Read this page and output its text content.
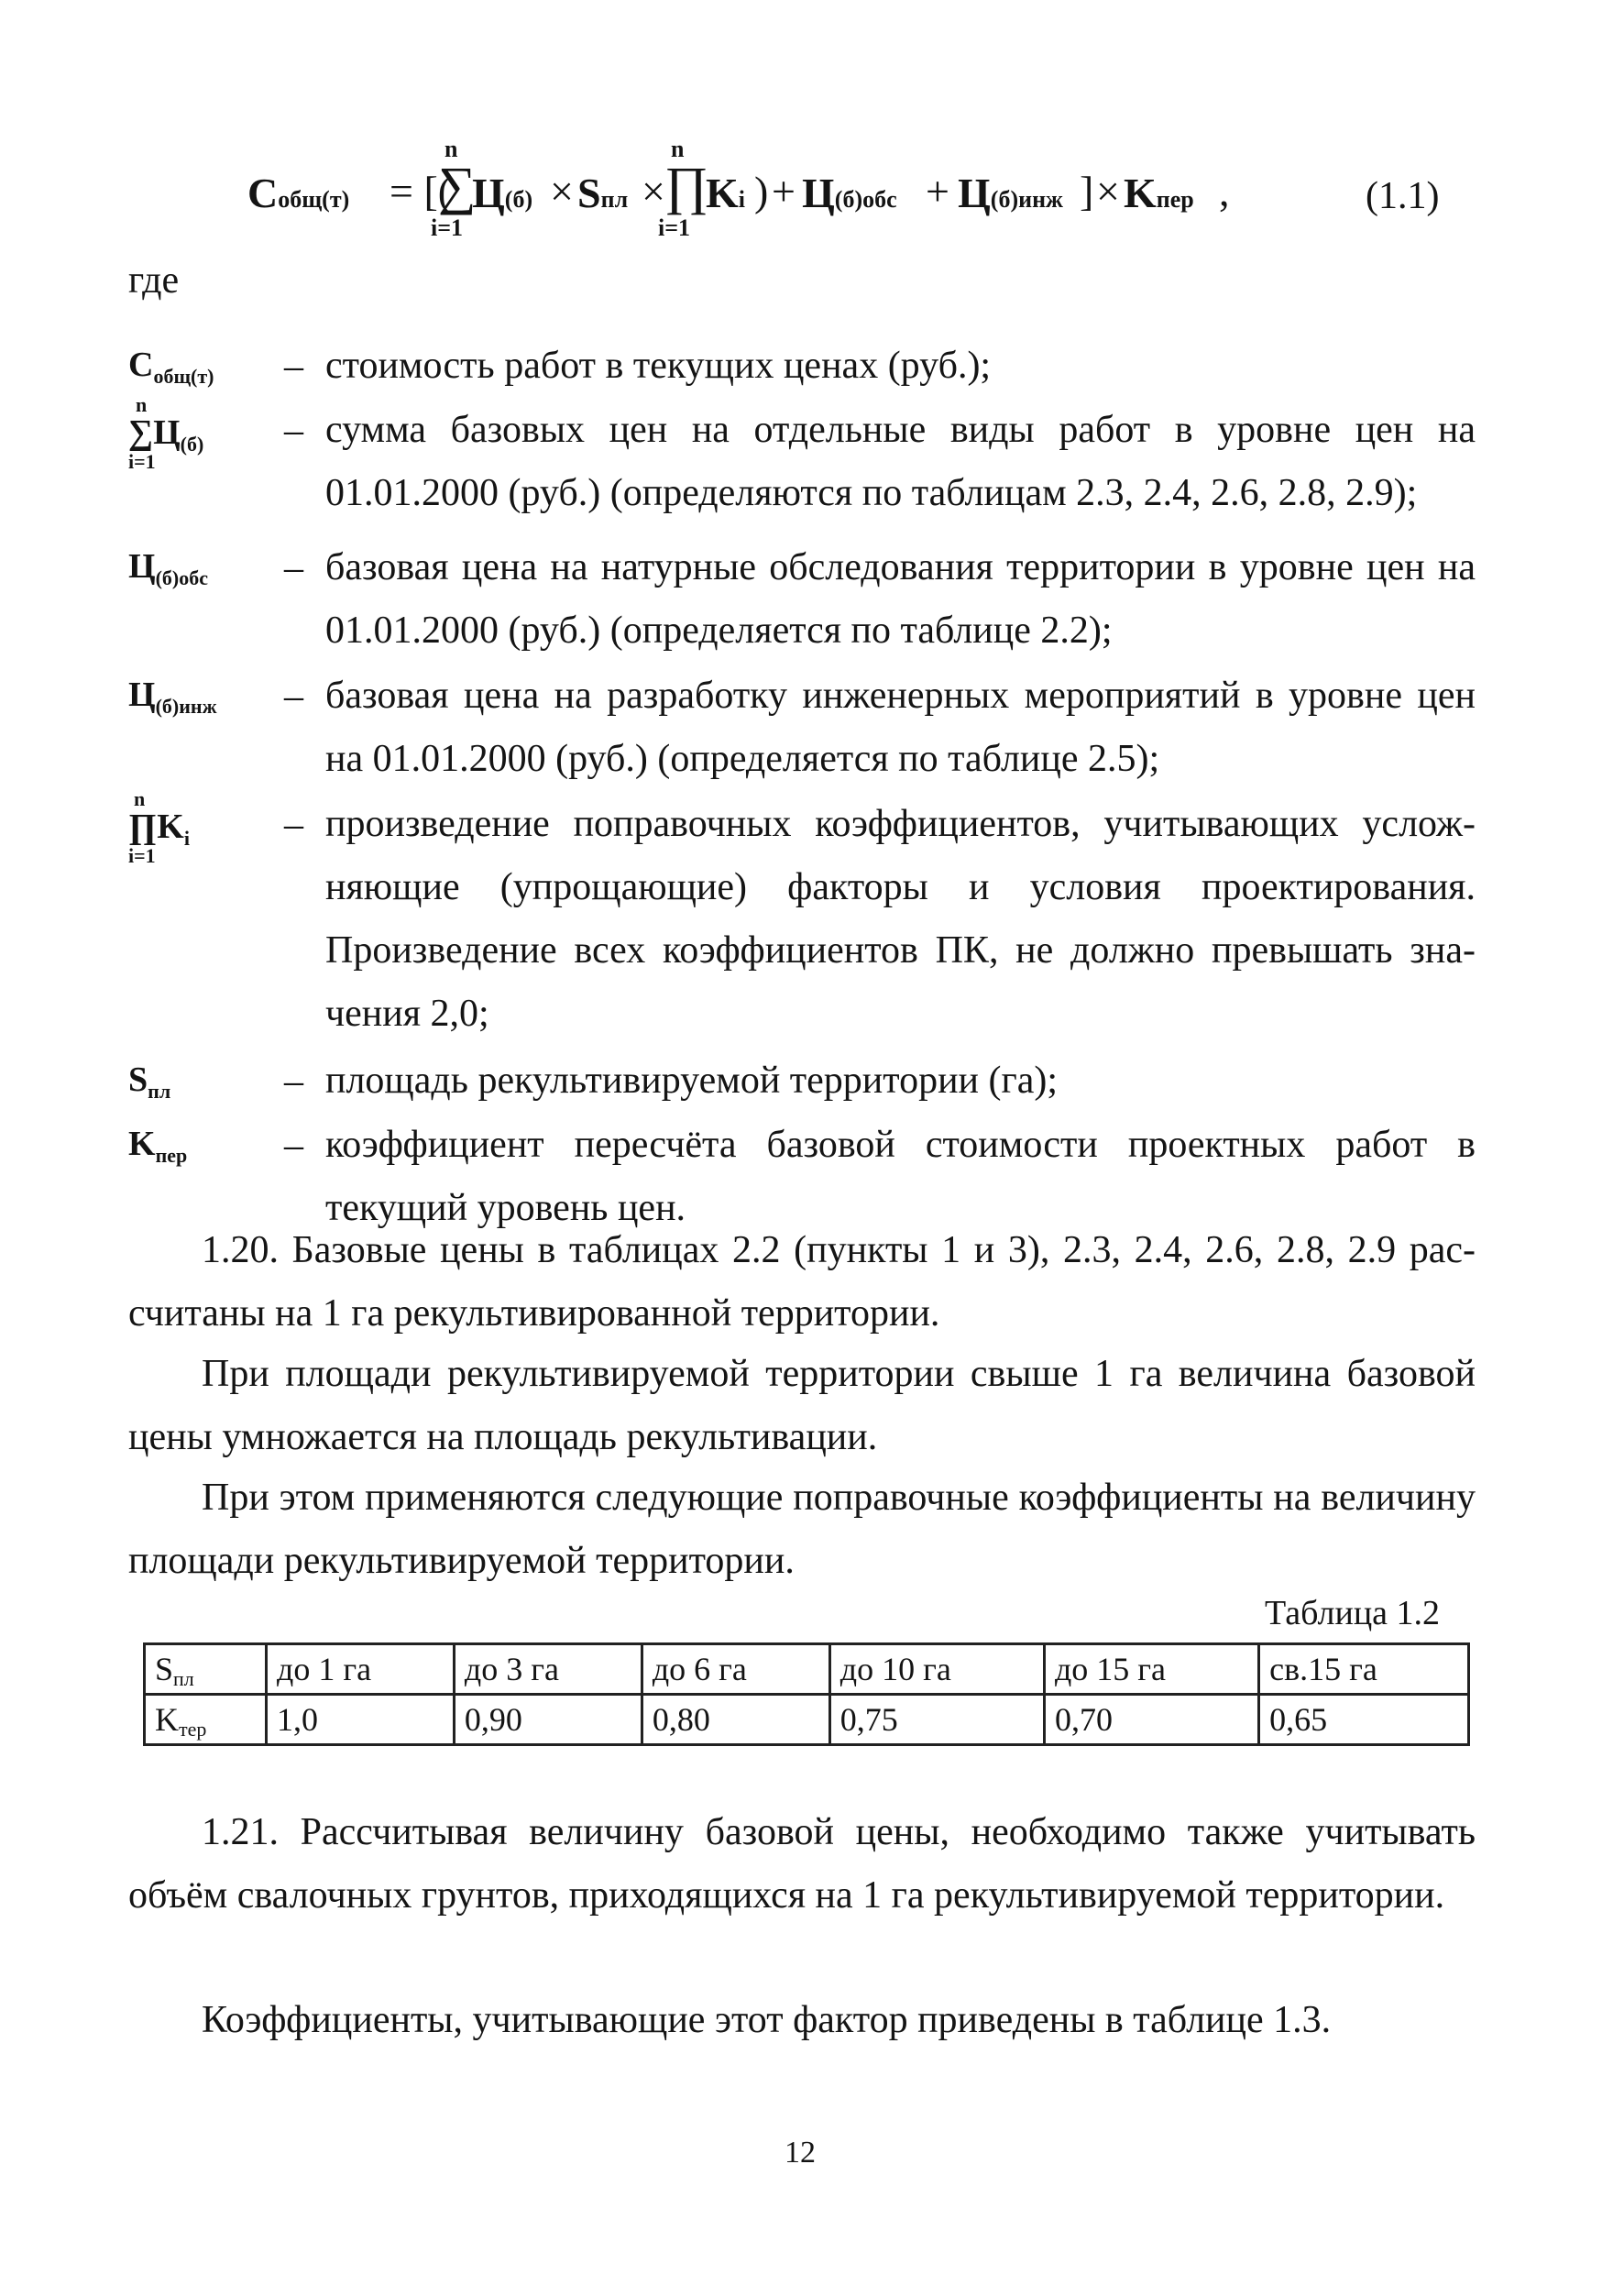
Собщ(т) = [(
n
∑
i=1
Ц(б) × Sпл ×
n
∏
i=1
Ki ) + Ц(б)обс + Ц(б)инж ] × Kпер ,	(1.1)
где
$С_{общ(т)}$	– стоимость работ в текущих ценах (руб.);
n
$\sum Ц_{(б)}$
i=1
– сумма базовых цен на отдельные виды работ в уровне цен на 01.01.2000 (руб.) (определяются по таблицам 2.3, 2.4, 2.6, 2.8, 2.9);
$Ц_{(б)обс}$	– базовая цена на натурные обследования территории в уровне цен на 01.01.2000 (руб.) (определяется по таблице 2.2);
$Ц_{(б)инж}$	– базовая цена на разработку инженерных мероприятий в уровне цен на 01.01.2000 (руб.) (определяется по таблице 2.5);
n
$\prod K_i$
i=1
– произведение поправочных коэффициентов, учитывающих усложняющие (упрощающие) факторы и условия проектирования. Произведение всех коэффициентов ПК, не должно превышать значения 2,0;
$S_{пл}$	– площадь рекультивируемой территории (га);
$K_{пер}$	– коэффициент пересчёта базовой стоимости проектных работ в текущий уровень цен.
1.20. Базовые цены в таблицах 2.2 (пункты 1 и 3), 2.3, 2.4, 2.6, 2.8, 2.9 рассчитаны на 1 га рекультивированной территории.
При площади рекультивируемой территории свыше 1 га величина базовой цены умножается на площадь рекультивации.
При этом применяются следующие поправочные коэффициенты на величину площади рекультивируемой территории.
Таблица 1.2
Sпл	до 1 га	до 3 га	до 6 га	до 10 га	до 15 га	св.15 га
Kтер	1,0	0,90	0,80	0,75	0,70	0,65
1.21. Рассчитывая величину базовой цены, необходимо также учитывать объём свалочных грунтов, приходящихся на 1 га рекультивируемой территории.
Коэффициенты, учитывающие этот фактор приведены в таблице 1.3.
12
